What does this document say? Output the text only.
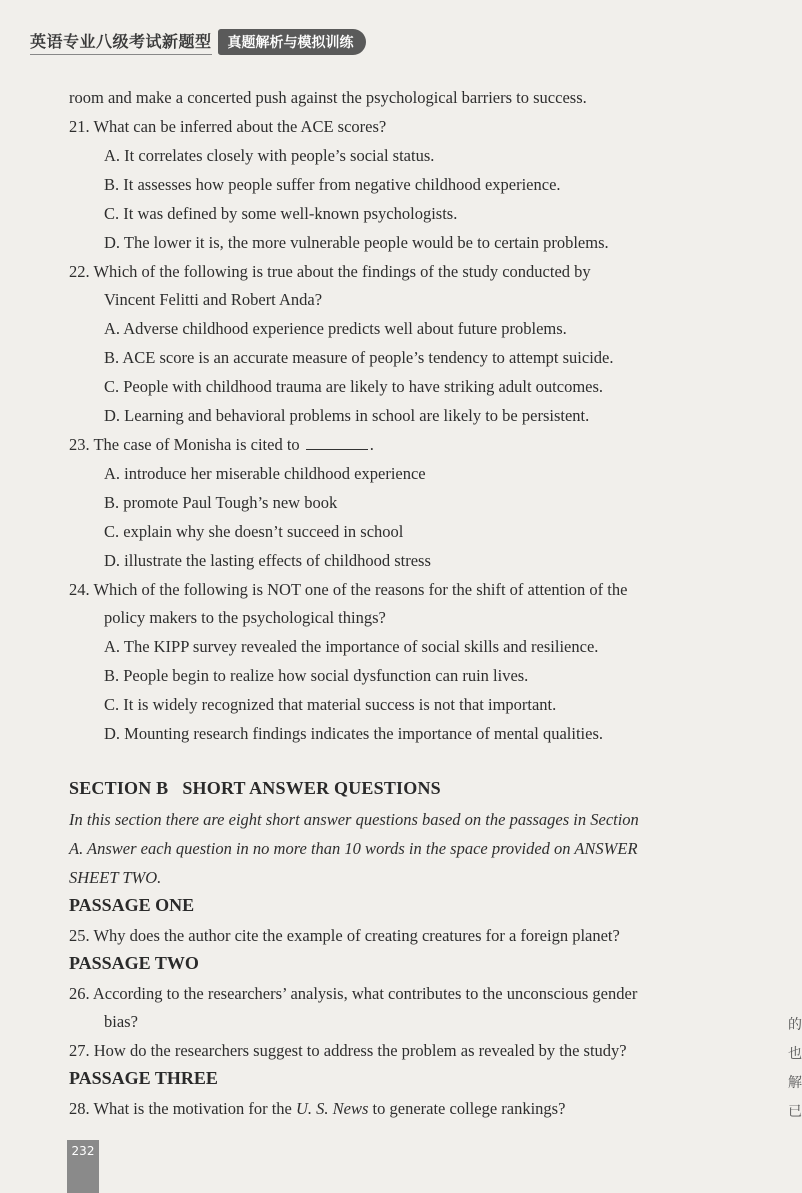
英语专业八级考试新题型	真题解析与模拟训练
room and make a concerted push against the psychological barriers to success.
21. What can be inferred about the ACE scores?
A. It correlates closely with people’s social status.
B. It assesses how people suffer from negative childhood experience.
C. It was defined by some well-known psychologists.
D. The lower it is, the more vulnerable people would be to certain problems.
22. Which of the following is true about the findings of the study conducted by
Vincent Felitti and Robert Anda?
A. Adverse childhood experience predicts well about future problems.
B. ACE score is an accurate measure of people’s tendency to attempt suicide.
C. People with childhood trauma are likely to have striking adult outcomes.
D. Learning and behavioral problems in school are likely to be persistent.
23. The case of Monisha is cited to	.
A. introduce her miserable childhood experience
B. promote Paul Tough’s new book
C. explain why she doesn’t succeed in school
D. illustrate the lasting effects of childhood stress
24. Which of the following is NOT one of the reasons for the shift of attention of the
policy makers to the psychological things?
A. The KIPP survey revealed the importance of social skills and resilience.
B. People begin to realize how social dysfunction can ruin lives.
C. It is widely recognized that material success is not that important.
D. Mounting research findings indicates the importance of mental qualities.
SECTION B SHORT ANSWER QUESTIONS
In this section there are eight short answer questions based on the passages in Section
A. Answer each question in no more than 10 words in the space provided on ANSWER
SHEET TWO.
PASSAGE ONE
25. Why does the author cite the example of creating creatures for a foreign planet?
PASSAGE TWO
26. According to the researchers’ analysis, what contributes to the unconscious gender
bias?
27. How do the researchers suggest to address the problem as revealed by the study?
PASSAGE THREE
28. What is the motivation for the U. S. News to generate college rankings?
的
也
解
已
232
